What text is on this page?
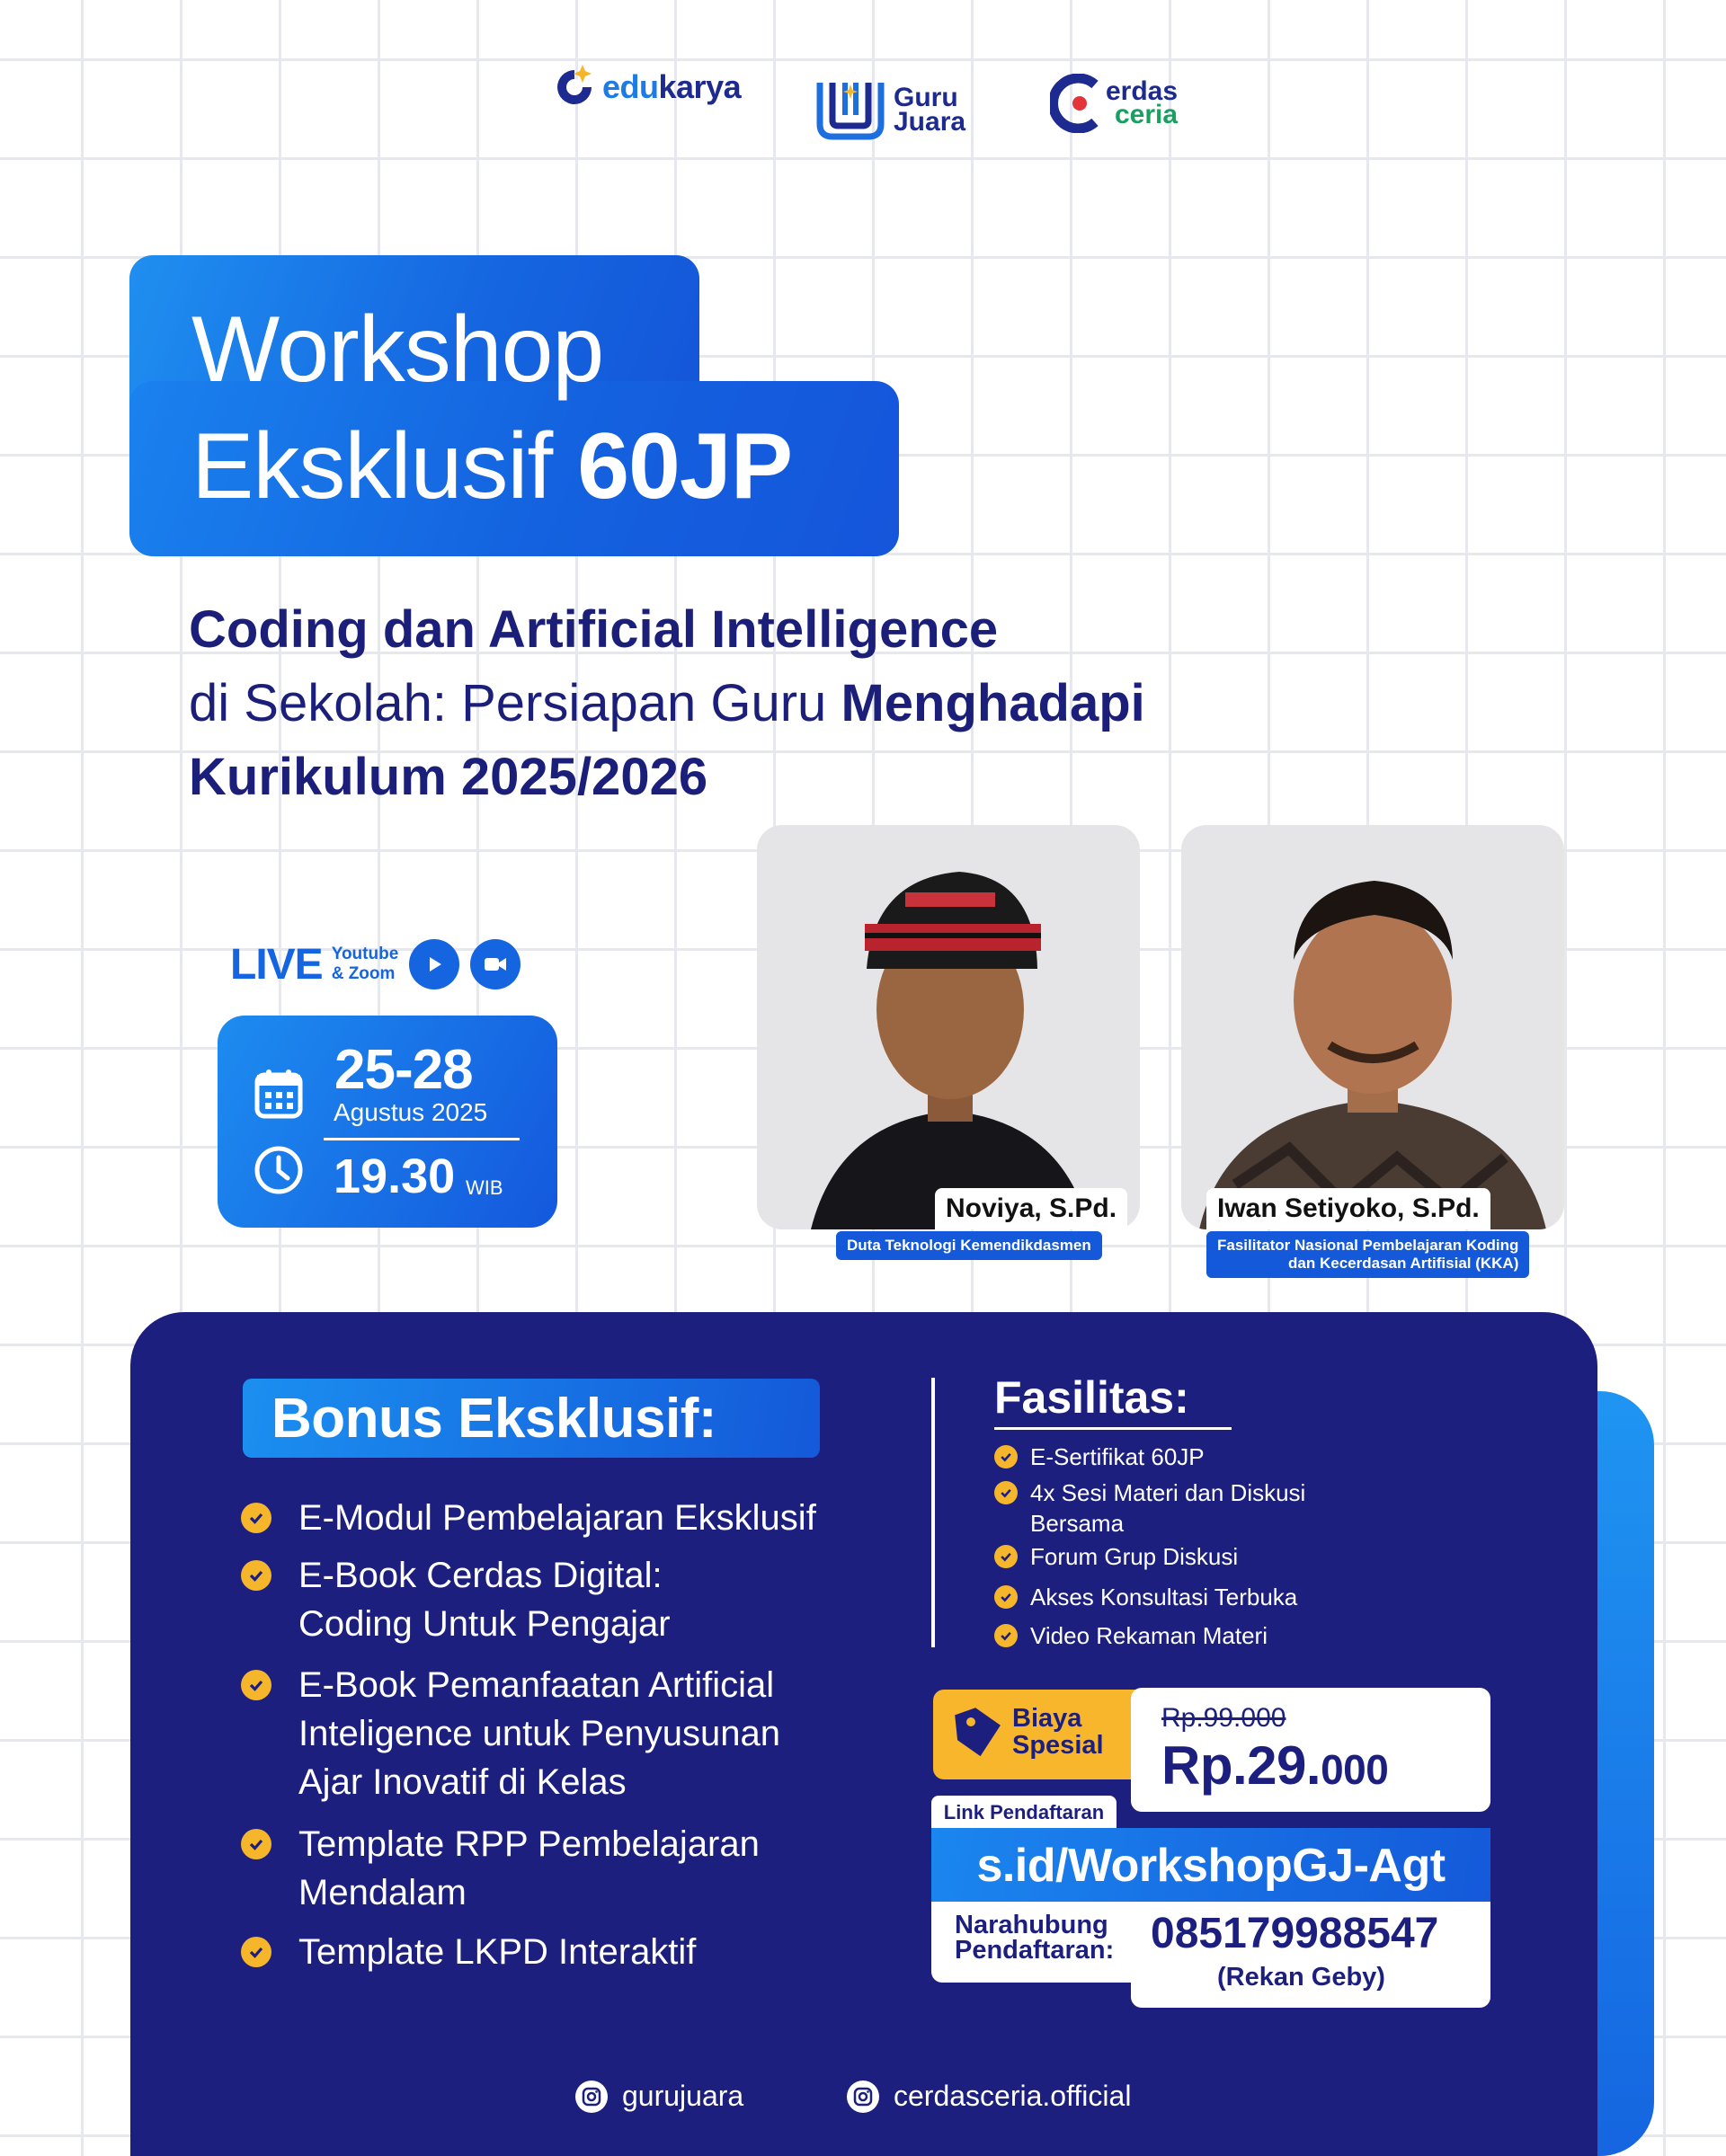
edukarya	Guru
Juara
erdas
ceria
Workshop
Eksklusif 60JP
Coding dan Artificial Intelligence
di Sekolah: Persiapan Guru Menghadapi
Kurikulum 2025/2026
LIVE Youtube
& Zoom
25-28
Agustus 2025
19.30 WIB
Noviya, S.Pd.
Duta Teknologi Kemendikdasmen
Iwan Setiyoko, S.Pd.
Fasilitator Nasional Pembelajaran Koding
dan Kecerdasan Artifisial (KKA)
Bonus Eksklusif:
E-Modul Pembelajaran Eksklusif
E-Book Cerdas Digital:
Coding Untuk Pengajar
E-Book Pemanfaatan Artificial
Inteligence untuk Penyusunan
Ajar Inovatif di Kelas
Template RPP Pembelajaran
Mendalam
Template LKPD Interaktif
Fasilitas:
E-Sertifikat 60JP
4x Sesi Materi dan Diskusi
Bersama
Forum Grup Diskusi
Akses Konsultasi Terbuka
Video Rekaman Materi
Biaya
Spesial
Rp.99.000
Rp.29.000
Link Pendaftaran
s.id/WorkshopGJ-Agt
Narahubung
Pendaftaran: 085179988547
(Rekan Geby)
gurujuara	cerdasceria.official
